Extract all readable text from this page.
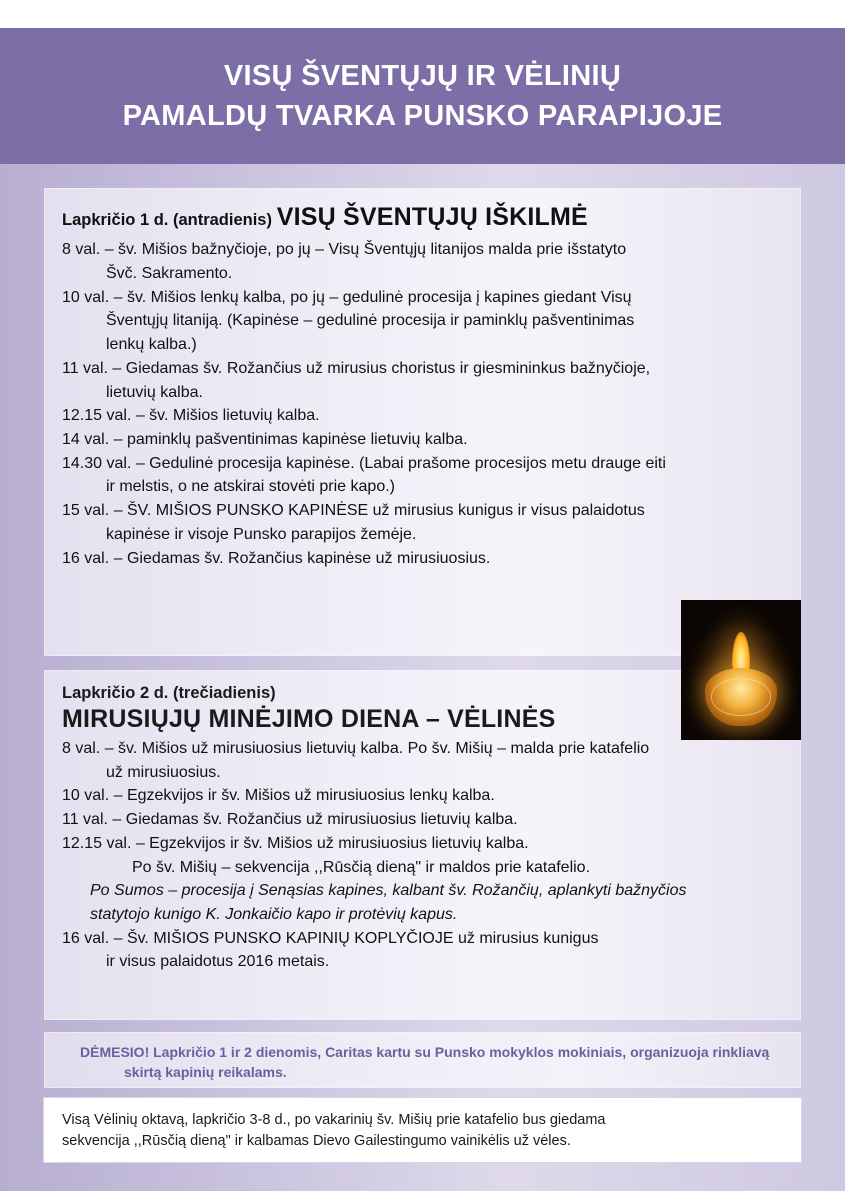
VISŲ ŠVENTŲJŲ IR VĖLINIŲ
PAMALDŲ TVARKA PUNSKO PARAPIJOJE
Lapkričio 1 d. (antradienis) VISŲ ŠVENTŲJŲ IŠKILMĖ

8 val. – šv. Mišios bažnyčioje, po jų – Visų Šventųjų litanijos malda prie išstatyto

Švč. Sakramento.

10 val. – šv. Mišios lenkų kalba, po jų – gedulinė procesija į kapines giedant Visų

Šventųjų litaniją. (Kapinėse – gedulinė procesija ir paminklų pašventinimas

lenkų kalba.)

11 val. – Giedamas šv. Rožančius už mirusius choristus ir giesmininkus bažnyčioje,

lietuvių kalba.

12.15 val. – šv. Mišios lietuvių kalba.

14 val. – paminklų pašventinimas kapinėse lietuvių kalba.

14.30 val. – Gedulinė procesija kapinėse. (Labai prašome procesijos metu drauge eiti

ir melstis, o ne atskirai stovėti prie kapo.)

15 val. – ŠV. MIŠIOS PUNSKO KAPINĖSE už mirusius kunigus ir visus palaidotus

kapinėse ir visoje Punsko parapijos žemėje.

16 val. – Giedamas šv. Rožančius kapinėse už mirusiuosius.

Lapkričio 2 d. (trečiadienis)
MIRUSIŲJŲ MINĖJIMO DIENA – VĖLINĖS

8 val. – šv. Mišios už mirusiuosius lietuvių kalba. Po šv. Mišių – malda prie katafelio

už mirusiuosius.

10 val. – Egzekvijos ir šv. Mišios už mirusiuosius lenkų kalba.

11 val. – Giedamas šv. Rožančius už mirusiuosius lietuvių kalba.

12.15 val. – Egzekvijos ir šv. Mišios už mirusiuosius lietuvių kalba.

Po šv. Mišių – sekvencija ,,Rūsčią dieną" ir maldos prie katafelio.

Po Sumos – procesija į Senąsias kapines, kalbant šv. Rožančių, aplankyti bažnyčios

statytojo kunigo K. Jonkaičio kapo ir protėvių kapus.

16 val. – Šv. MIŠIOS PUNSKO KAPINIŲ KOPLYČIOJE už mirusius kunigus

ir visus palaidotus 2016 metais.

DĖMESIO! Lapkričio 1 ir 2 dienomis, Caritas kartu su Punsko mokyklos mokiniais, organizuoja rinkliavą
skirtą kapinių reikalams.
Visą Vėlinių oktavą, lapkričio 3-8 d., po vakarinių šv. Mišių prie katafelio bus giedama
sekvencija ,,Rūsčią dieną" ir kalbamas Dievo Gailestingumo vainikėlis už vėles.
